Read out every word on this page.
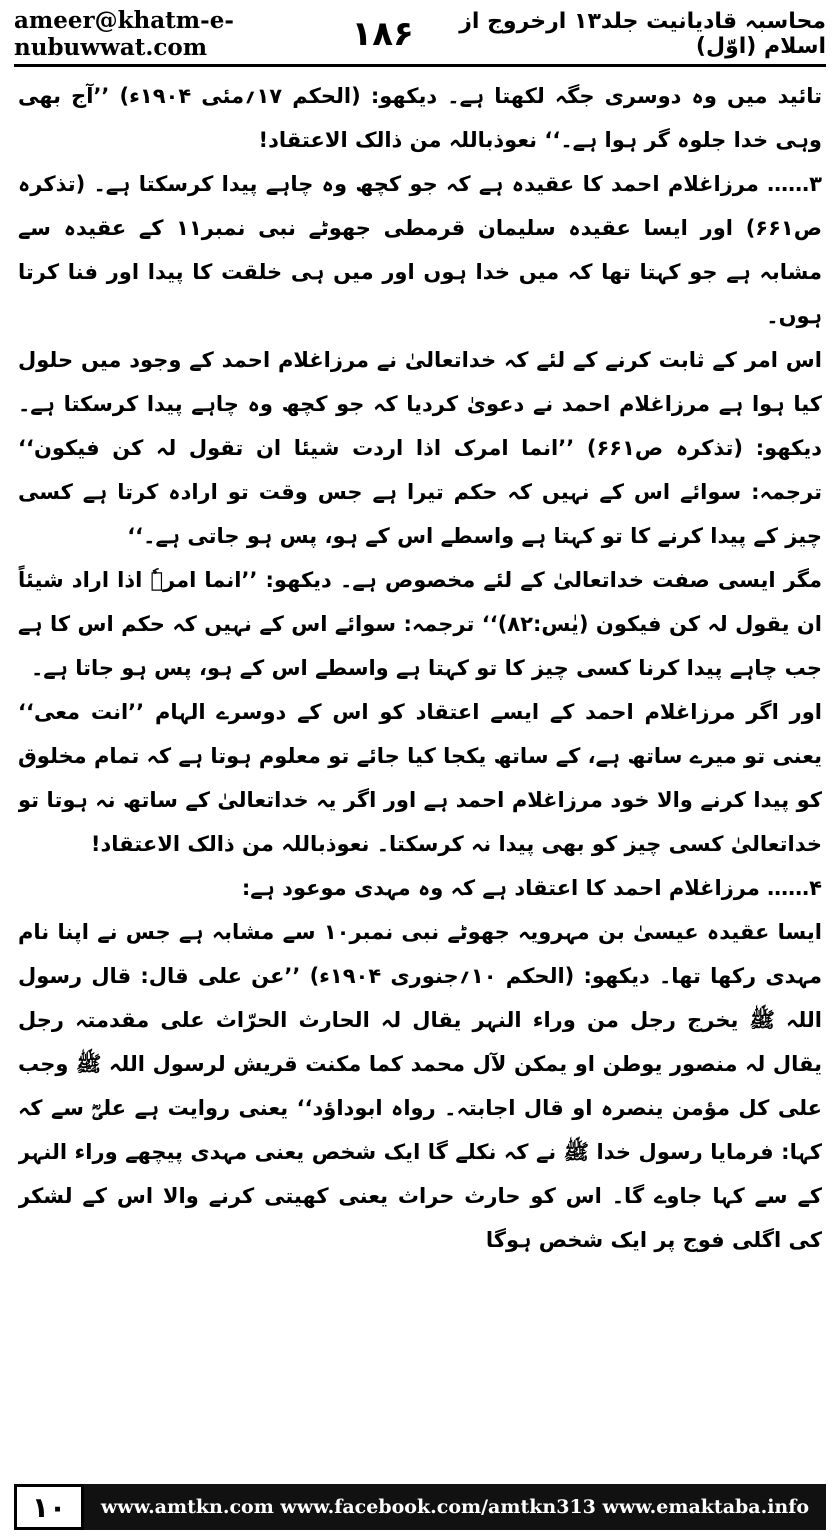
ameer@khatm-e-nubuwwat.com	۱۸۶	محاسبہ قادیانیت جلد۱۳ ارخروج از اسلام (اوّل)

تائید میں وہ دوسری جگہ لکھتا ہے۔ دیکھو: (الحکم ۱۷؍مئی ۱۹۰۴ء) ’’آج بھی وہی خدا جلوہ گر ہوا ہے۔‘‘ نعوذباللہ من ذالک الاعتقاد!

۳…… مرزاغلام احمد کا عقیدہ ہے کہ جو کچھ وہ چاہے پیدا کرسکتا ہے۔ (تذکرہ ص۶۶۱) اور ایسا عقیدہ سلیمان قرمطی جھوٹے نبی نمبر۱۱ کے عقیدہ سے مشابہ ہے جو کہتا تھا کہ میں خدا ہوں اور میں ہی خلقت کا پیدا اور فنا کرتا ہوں۔

اس امر کے ثابت کرنے کے لئے کہ خداتعالیٰ نے مرزاغلام احمد کے وجود میں حلول کیا ہوا ہے مرزاغلام احمد نے دعویٰ کردیا کہ جو کچھ وہ چاہے پیدا کرسکتا ہے۔ دیکھو: (تذکرہ ص۶۶۱) ’’انما امرک اذا اردت شیئا ان تقول لہ کن فیکون‘‘ ترجمہ: سوائے اس کے نہیں کہ حکم تیرا ہے جس وقت تو ارادہ کرتا ہے کسی چیز کے پیدا کرنے کا تو کہتا ہے واسطے اس کے ہو، پس ہو جاتی ہے۔‘‘

مگر ایسی صفت خداتعالیٰ کے لئے مخصوص ہے۔ دیکھو: ’’انما امرہٗ اذا اراد شیئاً ان یقول لہ کن فیکون (یٰس:۸۲)‘‘ ترجمہ: سوائے اس کے نہیں کہ حکم اس کا ہے جب چاہے پیدا کرنا کسی چیز کا تو کہتا ہے واسطے اس کے ہو، پس ہو جاتا ہے۔

اور اگر مرزاغلام احمد کے ایسے اعتقاد کو اس کے دوسرے الہام ’’انت معی‘‘ یعنی تو میرے ساتھ ہے، کے ساتھ یکجا کیا جائے تو معلوم ہوتا ہے کہ تمام مخلوق کو پیدا کرنے والا خود مرزاغلام احمد ہے اور اگر یہ خداتعالیٰ کے ساتھ نہ ہوتا تو خداتعالیٰ کسی چیز کو بھی پیدا نہ کرسکتا۔ نعوذباللہ من ذالک الاعتقاد!

۴…… مرزاغلام احمد کا اعتقاد ہے کہ وہ مہدی موعود ہے:

ایسا عقیدہ عیسیٰ بن مہرویہ جھوٹے نبی نمبر۱۰ سے مشابہ ہے جس نے اپنا نام مہدی رکھا تھا۔ دیکھو: (الحکم ۱۰؍جنوری ۱۹۰۴ء) ’’عن علی قال: قال رسول اللہ ﷺ یخرج رجل من وراء النہر یقال لہ الحارث الحرّاث علی مقدمتہ رجل یقال لہ منصور یوطن او یمکن لآل محمد کما مکنت قریش لرسول اللہ ﷺ وجب علی کل مؤمن ینصرہ او قال اجابتہ۔ رواہ ابوداؤد‘‘ یعنی روایت ہے علیؓ سے کہ کہا: فرمایا رسول خدا ﷺ نے کہ نکلے گا ایک شخص یعنی مہدی پیچھے وراء النہر کے سے کہا جاوے گا۔ اس کو حارث حراث یعنی کھیتی کرنے والا اس کے لشکر کی اگلی فوج پر ایک شخص ہوگا

۱۰	www.amtkn.com www.facebook.com/amtkn313 www.emaktaba.info
